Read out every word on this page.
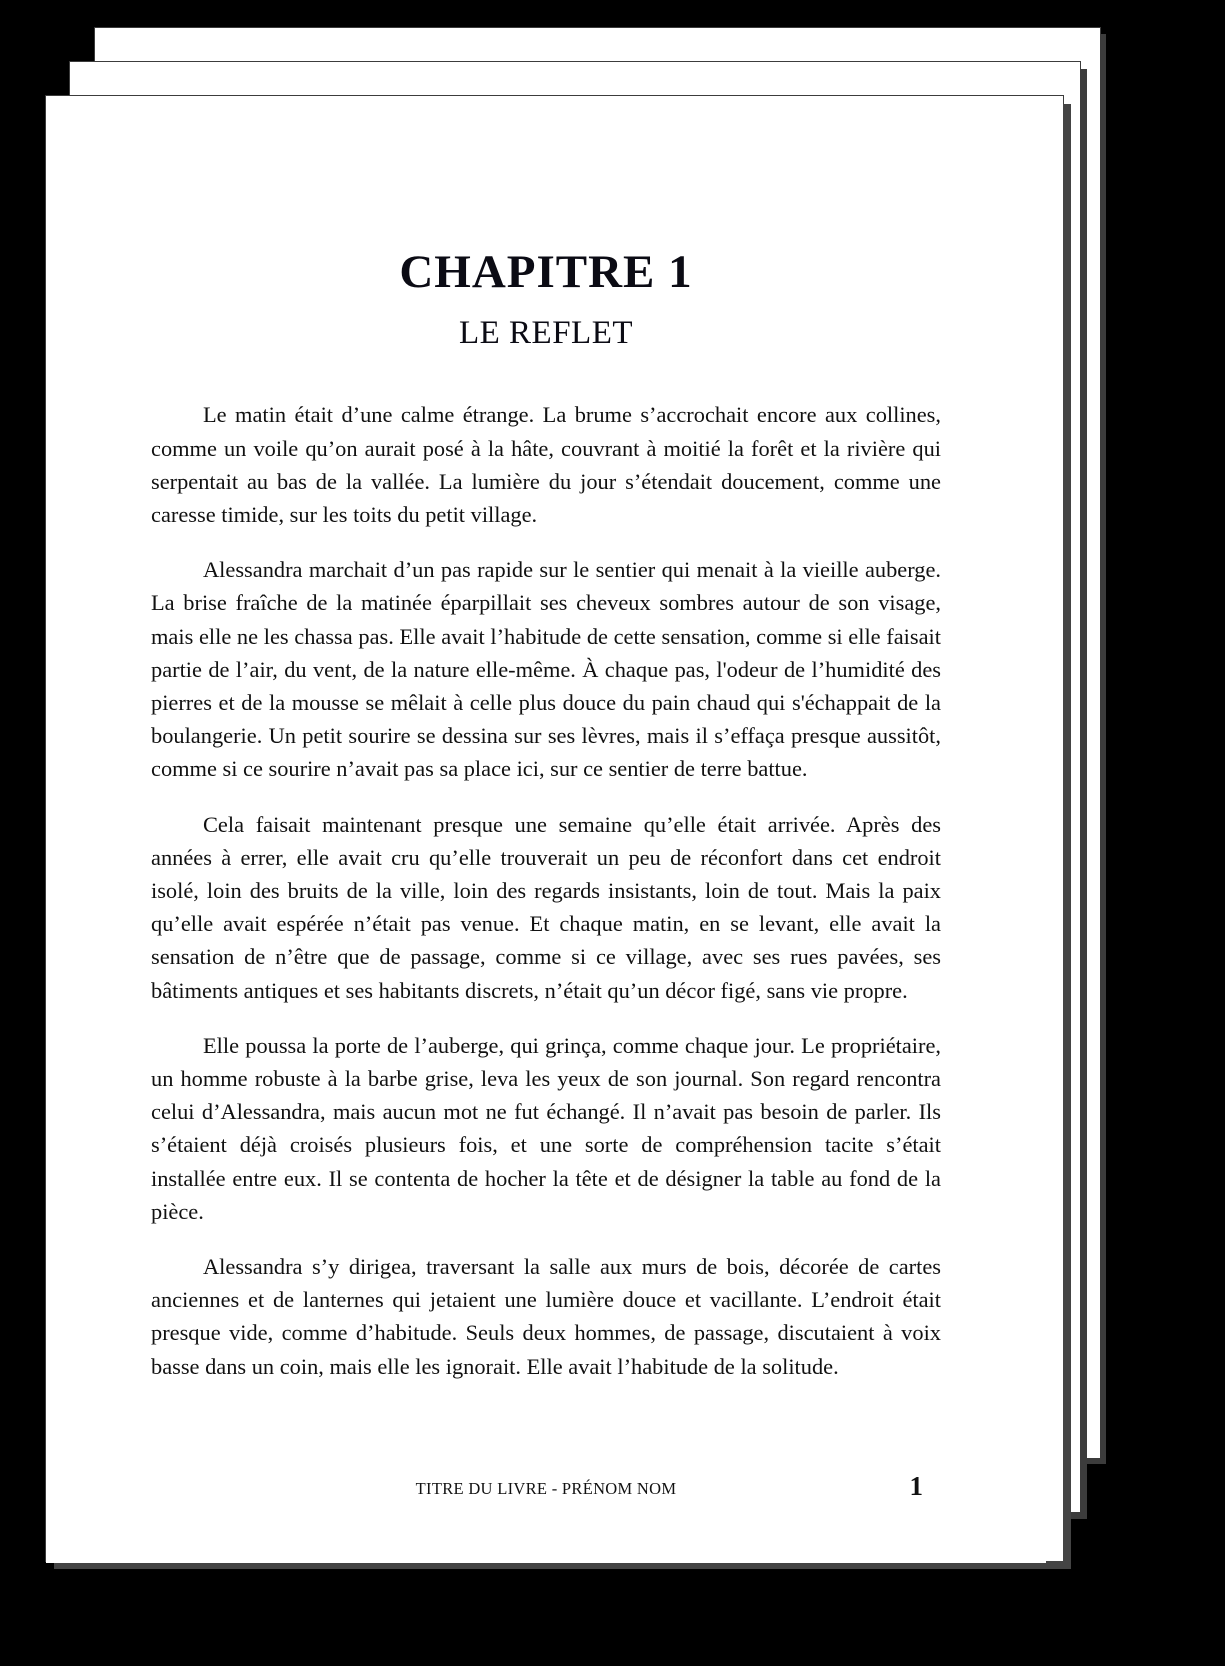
CHAPITRE 1
LE REFLET

Le matin était d’une calme étrange. La brume s’accrochait encore aux collines, comme un voile qu’on aurait posé à la hâte, couvrant à moitié la forêt et la rivière qui serpentait au bas de la vallée. La lumière du jour s’étendait doucement, comme une caresse timide, sur les toits du petit village.

Alessandra marchait d’un pas rapide sur le sentier qui menait à la vieille auberge. La brise fraîche de la matinée éparpillait ses cheveux sombres autour de son visage, mais elle ne les chassa pas. Elle avait l’habitude de cette sensation, comme si elle faisait partie de l’air, du vent, de la nature elle-même. À chaque pas, l'odeur de l’humidité des pierres et de la mousse se mêlait à celle plus douce du pain chaud qui s'échappait de la boulangerie. Un petit sourire se dessina sur ses lèvres, mais il s’effaça presque aussitôt, comme si ce sourire n’avait pas sa place ici, sur ce sentier de terre battue.

Cela faisait maintenant presque une semaine qu’elle était arrivée. Après des années à errer, elle avait cru qu’elle trouverait un peu de réconfort dans cet endroit isolé, loin des bruits de la ville, loin des regards insistants, loin de tout. Mais la paix qu’elle avait espérée n’était pas venue. Et chaque matin, en se levant, elle avait la sensation de n’être que de passage, comme si ce village, avec ses rues pavées, ses bâtiments antiques et ses habitants discrets, n’était qu’un décor figé, sans vie propre.

Elle poussa la porte de l’auberge, qui grinça, comme chaque jour. Le propriétaire, un homme robuste à la barbe grise, leva les yeux de son journal. Son regard rencontra celui d’Alessandra, mais aucun mot ne fut échangé. Il n’avait pas besoin de parler. Ils s’étaient déjà croisés plusieurs fois, et une sorte de compréhension tacite s’était installée entre eux. Il se contenta de hocher la tête et de désigner la table au fond de la pièce.

Alessandra s’y dirigea, traversant la salle aux murs de bois, décorée de cartes anciennes et de lanternes qui jetaient une lumière douce et vacillante. L’endroit était presque vide, comme d’habitude. Seuls deux hommes, de passage, discutaient à voix basse dans un coin, mais elle les ignorait. Elle avait l’habitude de la solitude.

TITRE DU LIVRE - PRÉNOM NOM	1
